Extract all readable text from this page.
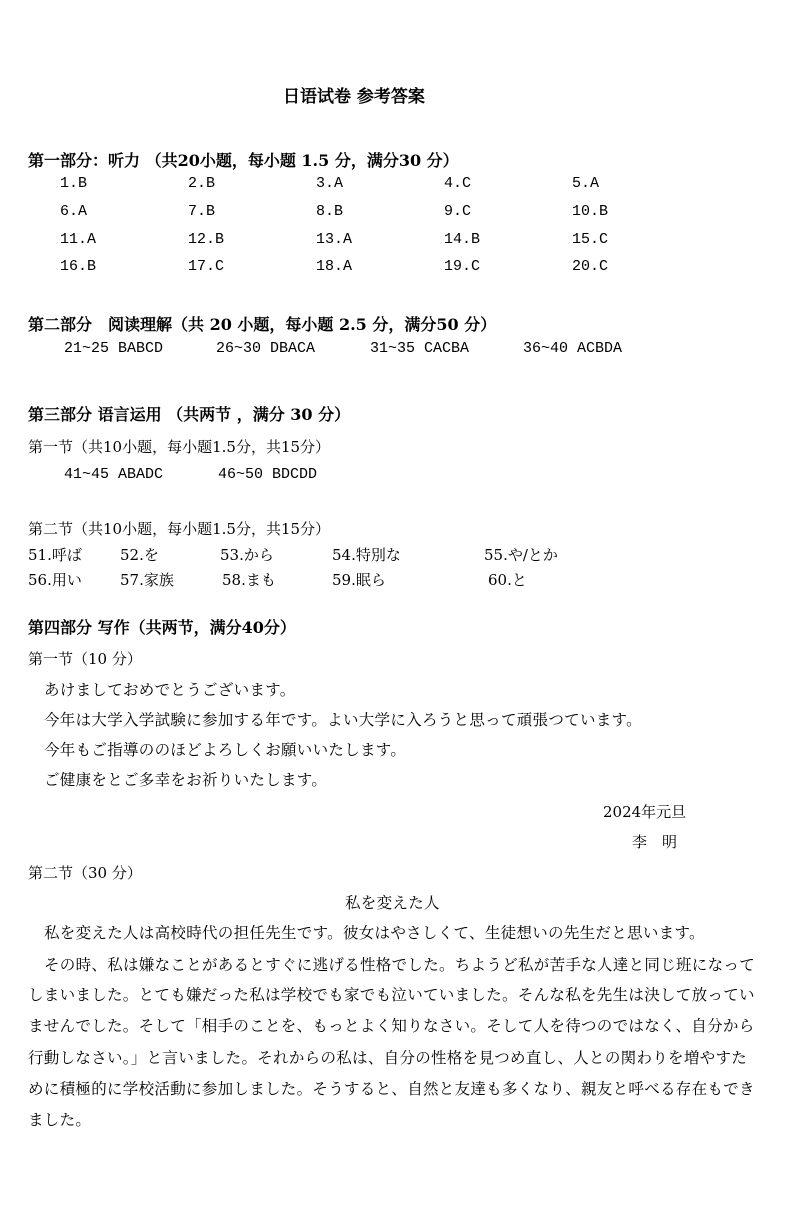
日语试卷 参考答案
第一部分：听力 （共20小题，每小题 1.5 分，满分30 分）
1.B	2.B	3.A	4.C	5.A
6.A	7.B	8.B	9.C	10.B
11.A	12.B	13.A	14.B	15.C
16.B	17.C	18.A	19.C	20.C
第二部分　阅读理解（共 20 小题，每小题 2.5 分，满分50 分）
21~25 BABCD	26~30 DBACA	31~35 CACBA	36~40 ACBDA
第三部分 语言运用 （共两节 ，满分 30 分）
第一节（共10小题，每小题1.5分，共15分）
41~45 ABADC	46~50 BDCDD
第二节（共10小题，每小题1.5分，共15分）
51.呼ば	52.を	53.から	54.特別な	55.や/とか
56.用い	57.家族	58.まも	59.眠ら	60.と
第四部分 写作（共两节，满分40分）
第一节（10 分）
あけましておめでとうございます。
今年は大学入学試験に参加する年です。よい大学に入ろうと思って頑張つています。
今年もご指導ののほどよろしくお願いいたします。
ご健康をとご多幸をお祈りいたします。
2024年元旦
李　明
第二节（30 分）
私を変えた人
私を変えた人は高校時代の担任先生です。彼女はやさしくて、生徒想いの先生だと思います。
その時、私は嫌なことがあるとすぐに逃げる性格でした。ちようど私が苦手な人達と同じ班になって
しまいました。とても嫌だった私は学校でも家でも泣いていました。そんな私を先生は決して放ってい
ませんでした。そして「相手のことを、もっとよく知りなさい。そして人を待つのではなく、自分から
行動しなさい。」と言いました。それからの私は、自分の性格を見つめ直し、人との関わりを増やすた
めに積極的に学校活動に参加しました。そうすると、自然と友達も多くなり、親友と呼べる存在もでき
ました。
